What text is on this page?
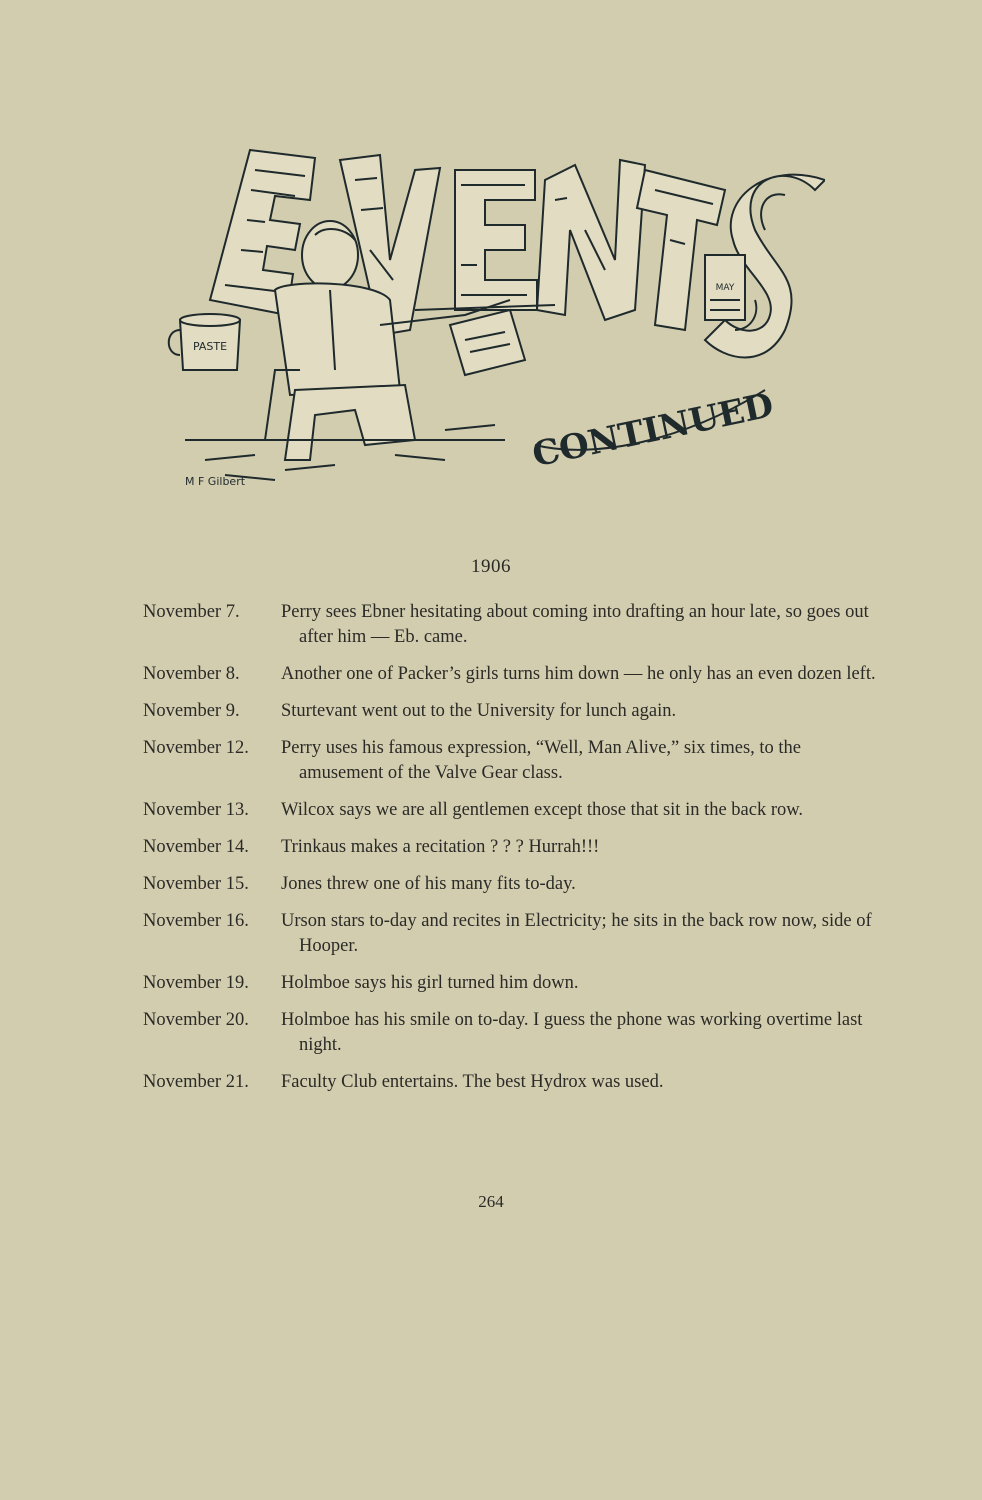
MAY
PASTE
CONTINUED
M F Gilbert
1906
November 7.	Perry sees Ebner hesitating about coming into drafting an hour late, so goes out after him — Eb. came.
November 8.	Another one of Packer’s girls turns him down — he only has an even dozen left.
November 9.	Sturtevant went out to the University for lunch again.
November 12.	Perry uses his famous expression, “Well, Man Alive,” six times, to the amusement of the Valve Gear class.
November 13.	Wilcox says we are all gentlemen except those that sit in the back row.
November 14.	Trinkaus makes a recitation ? ? ? Hurrah!!!
November 15.	Jones threw one of his many fits to-day.
November 16.	Urson stars to-day and recites in Electricity; he sits in the back row now, side of Hooper.
November 19.	Holmboe says his girl turned him down.
November 20.	Holmboe has his smile on to-day. I guess the phone was working overtime last night.
November 21.	Faculty Club entertains. The best Hydrox was used.
264
